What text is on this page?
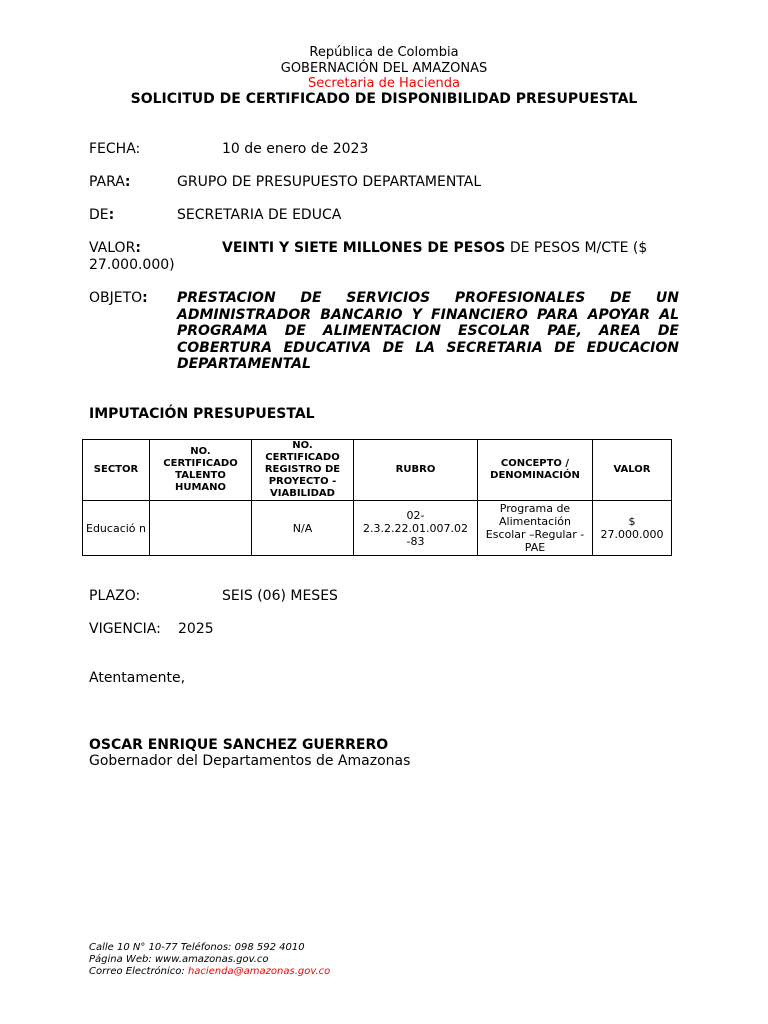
República de Colombia
GOBERNACIÓN DEL AMAZONAS
Secretaria de Hacienda
SOLICITUD DE CERTIFICADO DE DISPONIBILIDAD PRESUPUESTAL
FECHA:	10 de enero de 2023
PARA:	GRUPO DE PRESUPUESTO DEPARTAMENTAL
DE:	SECRETARIA DE EDUCA
VALOR:	VEINTI Y SIETE MILLONES DE PESOS DE PESOS M/CTE ($
27.000.000)
OBJETO: PRESTACION DE SERVICIOS PROFESIONALES DE UN ADMINISTRADOR BANCARIO Y FINANCIERO PARA APOYAR AL PROGRAMA DE ALIMENTACION ESCOLAR PAE, AREA DE COBERTURA EDUCATIVA DE LA SECRETARIA DE EDUCACION
DEPARTAMENTAL
IMPUTACIÓN PRESUPUESTAL
SECTOR	NO. CERTIFICADO TALENTO HUMANO	NO. CERTIFICADO REGISTRO DE PROYECTO - VIABILIDAD	RUBRO	CONCEPTO / DENOMINACIÓN	VALOR
Educació n		N/A	02- 2.3.2.22.01.007.02 -83	Programa de Alimentación Escolar –Regular - PAE	$ 27.000.000
PLAZO:	SEIS (06) MESES
VIGENCIA: 2025
Atentamente,
OSCAR ENRIQUE SANCHEZ GUERRERO
Gobernador del Departamentos de Amazonas
Calle 10 N° 10-77 Teléfonos: 098 592 4010
Página Web: www.amazonas.gov.co
Correo Electrónico: hacienda@amazonas.gov.co
